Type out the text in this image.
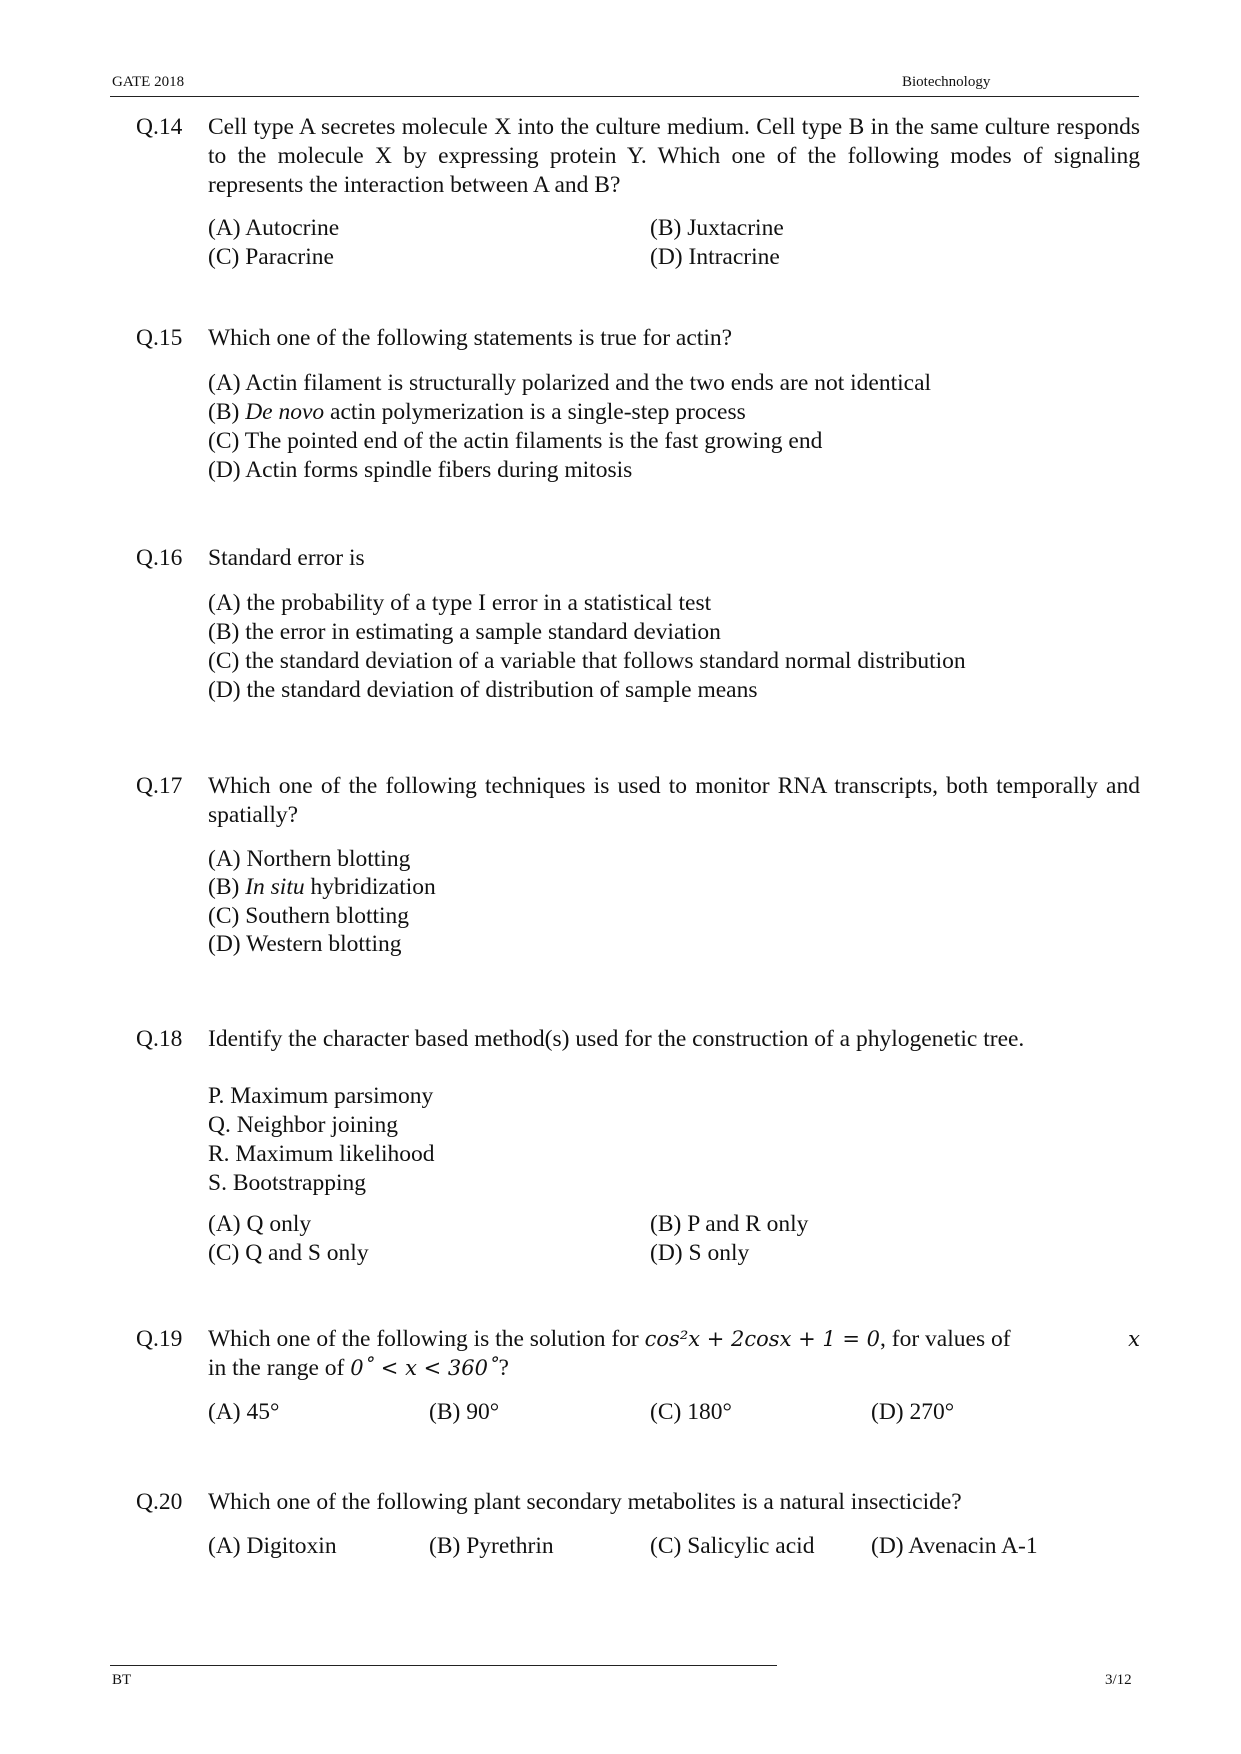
GATE 2018	Biotechnology
Q.14 Cell type A secretes molecule X into the culture medium. Cell type B in the same culture responds to the molecule X by expressing protein Y. Which one of the following modes of signaling represents the interaction between A and B?
(A) Autocrine	(B) Juxtacrine
(C) Paracrine	(D) Intracrine
Q.15 Which one of the following statements is true for actin?
(A) Actin filament is structurally polarized and the two ends are not identical
(B) De novo actin polymerization is a single-step process
(C) The pointed end of the actin filaments is the fast growing end
(D) Actin forms spindle fibers during mitosis
Q.16 Standard error is
(A) the probability of a type I error in a statistical test
(B) the error in estimating a sample standard deviation
(C) the standard deviation of a variable that follows standard normal distribution
(D) the standard deviation of distribution of sample means
Q.17 Which one of the following techniques is used to monitor RNA transcripts, both temporally and spatially?
(A) Northern blotting
(B) In situ hybridization
(C) Southern blotting
(D) Western blotting
Q.18 Identify the character based method(s) used for the construction of a phylogenetic tree.
P. Maximum parsimony
Q. Neighbor joining
R. Maximum likelihood
S. Bootstrapping
(A) Q only	(B) P and R only
(C) Q and S only	(D) S only
Q.19 Which one of the following is the solution for cos²x + 2cosx + 1 = 0, for values of	x
in the range of 0˚ < x < 360˚?
(A) 45°	(B) 90°	(C) 180°	(D) 270°
Q.20 Which one of the following plant secondary metabolites is a natural insecticide?
(A) Digitoxin	(B) Pyrethrin	(C) Salicylic acid (D) Avenacin A-1
BT	3/12
